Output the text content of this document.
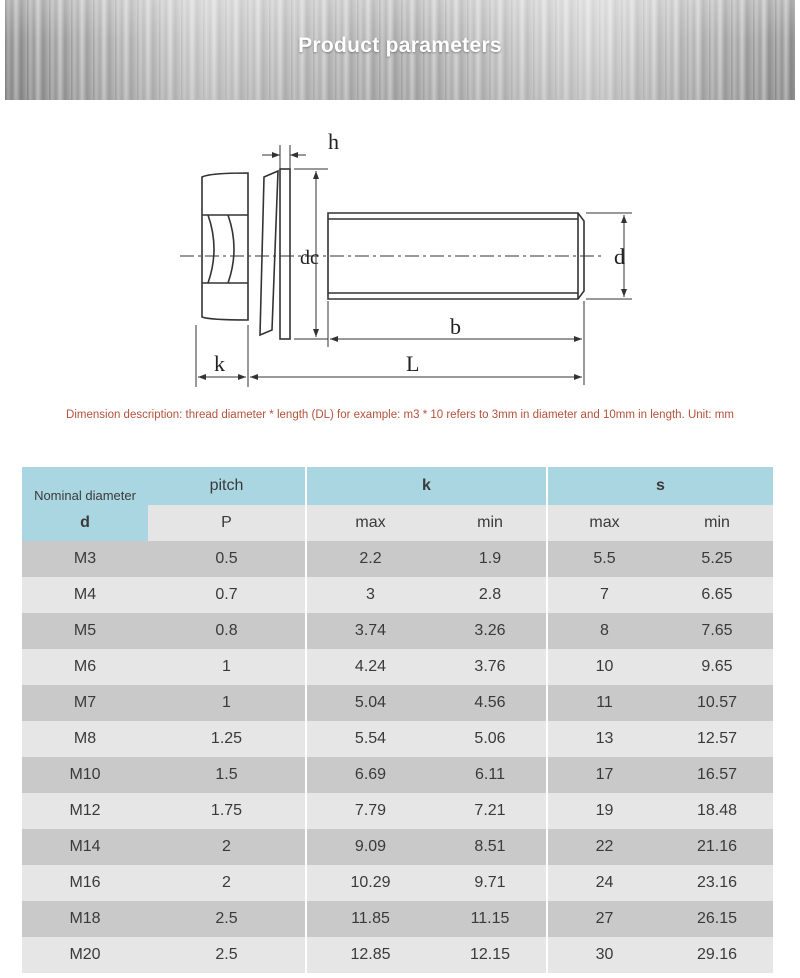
Product parameters
h
dc	d
b
k	L
Dimension description: thread diameter * length (DL) for example: m3 * 10 refers to 3mm in diameter and 10mm in length. Unit: mm
Nominal diameter	pitch	k		s	
d	P	max	min	max	min
M3	0.5	2.2	1.9	5.5	5.25
M4	0.7	3	2.8	7	6.65
M5	0.8	3.74	3.26	8	7.65
M6	1	4.24	3.76	10	9.65
M7	1	5.04	4.56	11	10.57
M8	1.25	5.54	5.06	13	12.57
M10	1.5	6.69	6.11	17	16.57
M12	1.75	7.79	7.21	19	18.48
M14	2	9.09	8.51	22	21.16
M16	2	10.29	9.71	24	23.16
M18	2.5	11.85	11.15	27	26.15
M20	2.5	12.85	12.15	30	29.16
